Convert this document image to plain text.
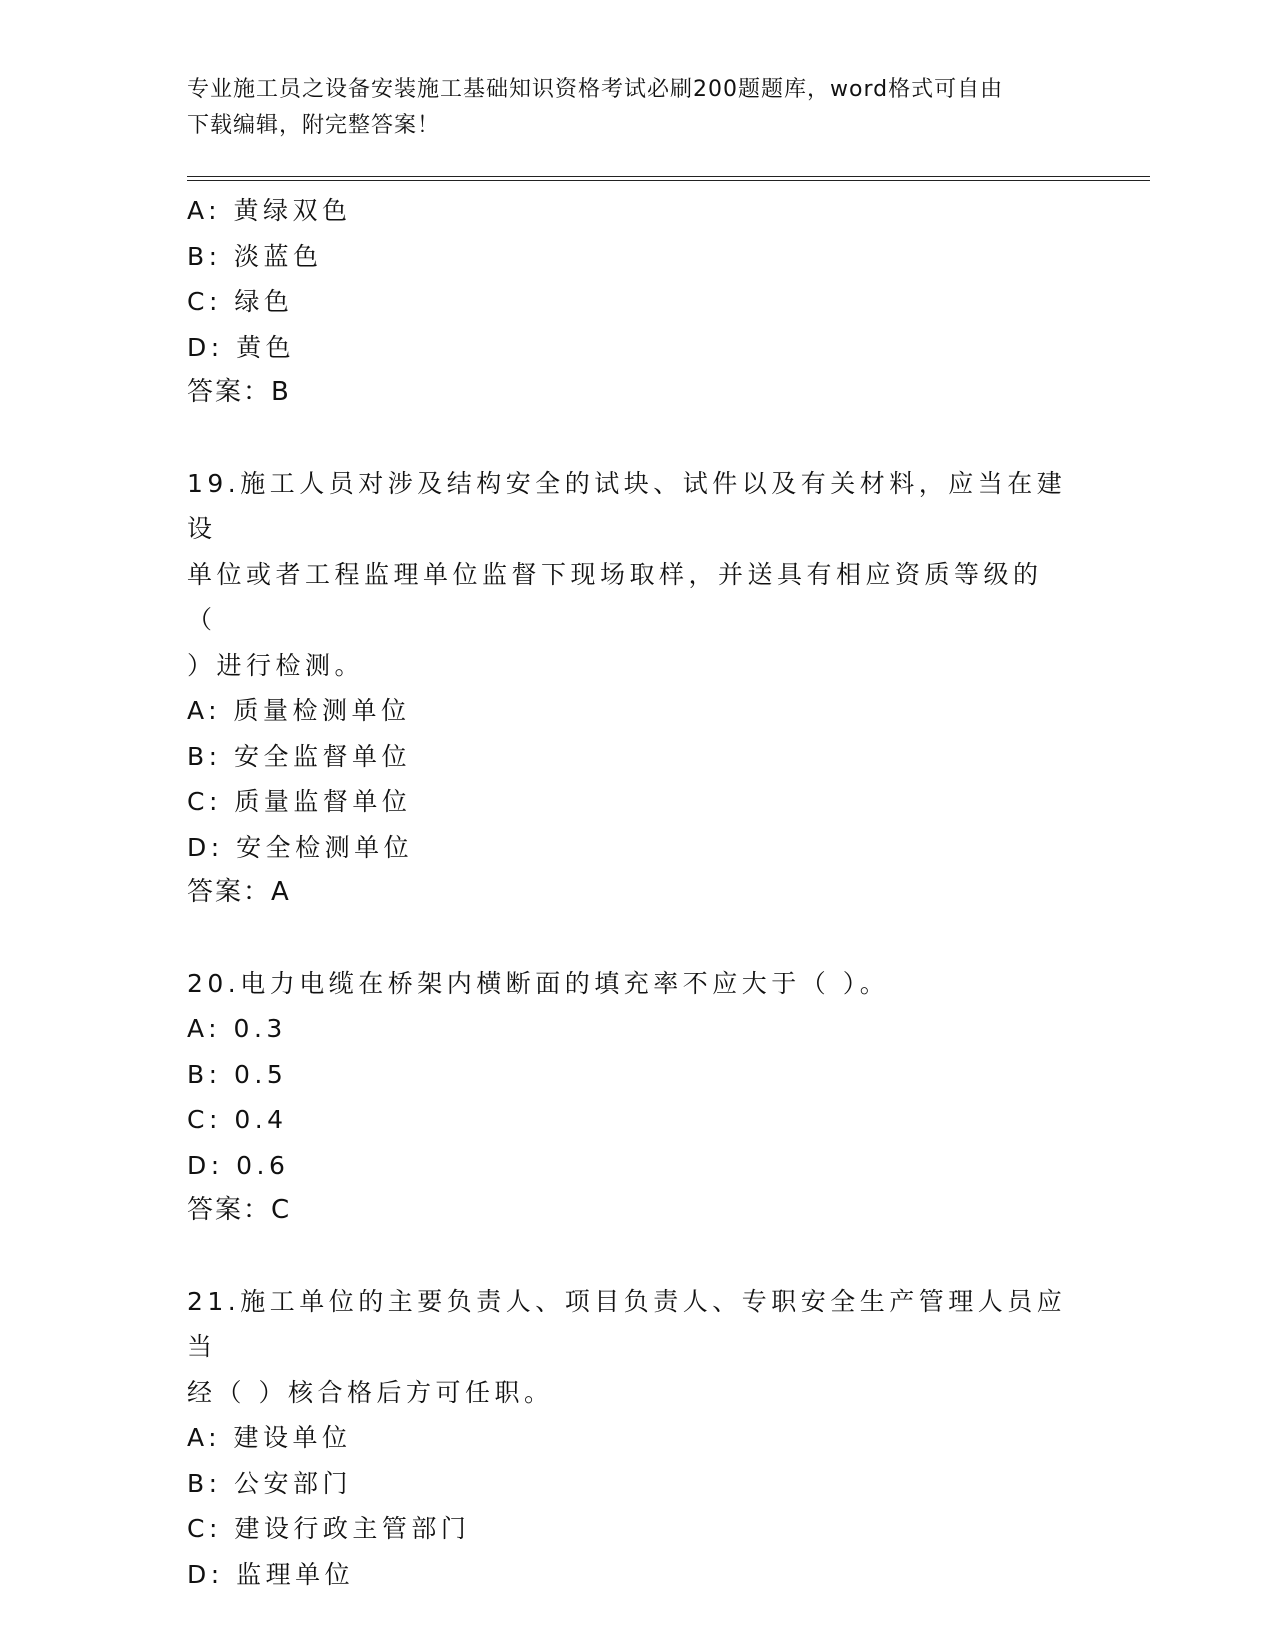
专业施工员之设备安装施工基础知识资格考试必刷200题题库，word格式可自由
下载编辑，附完整答案！
A: 黄绿双色
B: 淡蓝色
C: 绿色
D: 黄色
答案：B
19.施工人员对涉及结构安全的试块、试件以及有关材料，应当在建设
单位或者工程监理单位监督下现场取样，并送具有相应资质等级的（
）进行检测。
A: 质量检测单位
B: 安全监督单位
C: 质量监督单位
D: 安全检测单位
答案：A
20.电力电缆在桥架内横断面的填充率不应大于（ ）。
A: 0.3
B: 0.5
C: 0.4
D: 0.6
答案：C
21.施工单位的主要负责人、项目负责人、专职安全生产管理人员应当
经（ ）核合格后方可任职。
A: 建设单位
B: 公安部门
C: 建设行政主管部门
D: 监理单位
